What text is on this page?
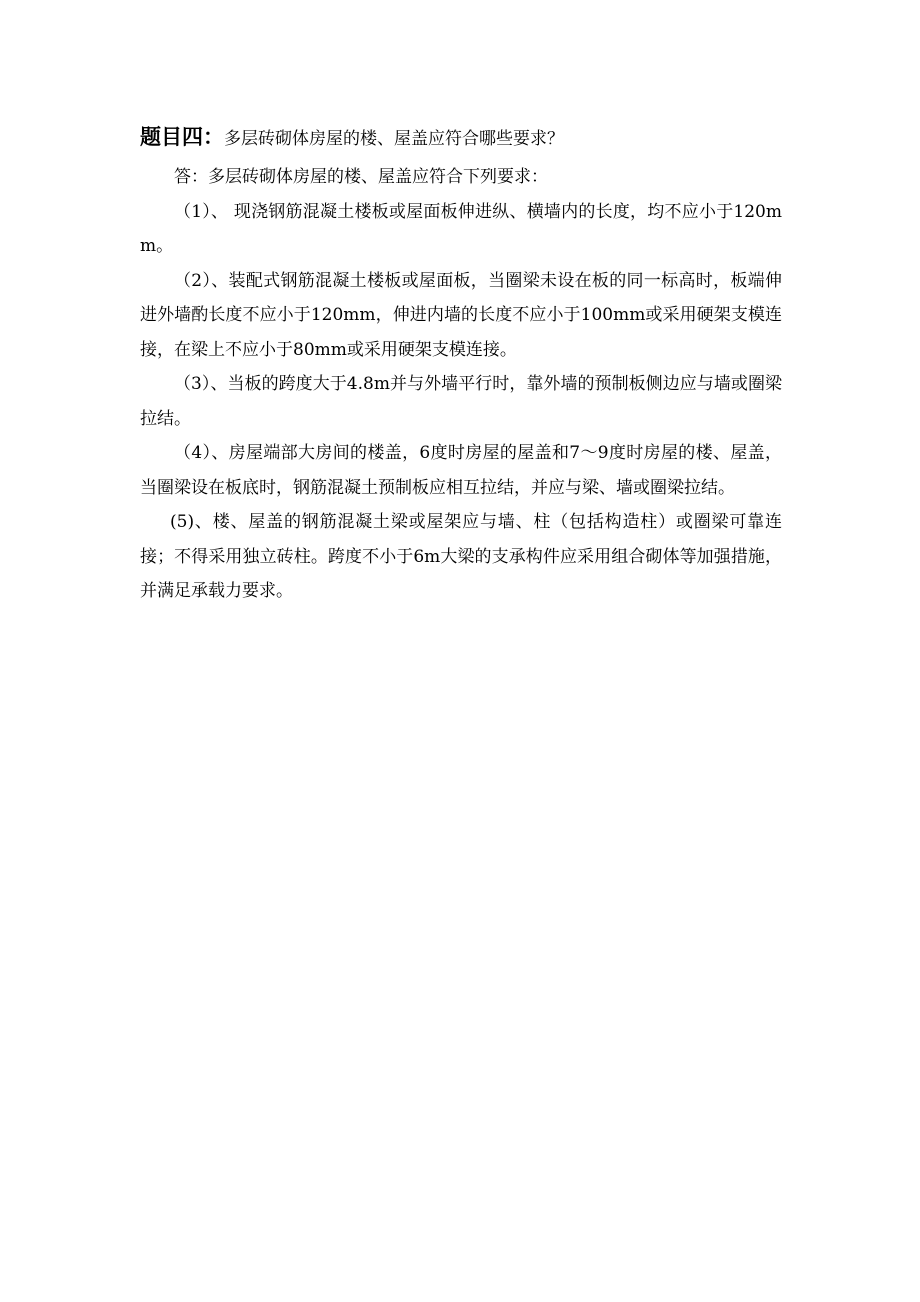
题目四：多层砖砌体房屋的楼、屋盖应符合哪些要求？

答：多层砖砌体房屋的楼、屋盖应符合下列要求：

（1）、 现浇钢筋混凝土楼板或屋面板伸进纵、横墙内的长度，均不应小于120mm。

（2）、装配式钢筋混凝土楼板或屋面板，当圈梁未设在板的同一标高时，板端伸进外墙酌长度不应小于120mm，伸进内墙的长度不应小于100mm或采用硬架支模连接，在梁上不应小于80mm或采用硬架支模连接。

（3）、当板的跨度大于4.8m并与外墙平行时，靠外墙的预制板侧边应与墙或圈梁拉结。

（4）、房屋端部大房间的楼盖，6度时房屋的屋盖和7～9度时房屋的楼、屋盖，当圈梁设在板底时，钢筋混凝土预制板应相互拉结，并应与梁、墙或圈梁拉结。

(5)、楼、屋盖的钢筋混凝土梁或屋架应与墙、柱（包括构造柱）或圈梁可靠连接；不得采用独立砖柱。跨度不小于6m大梁的支承构件应采用组合砌体等加强措施，并满足承载力要求。
